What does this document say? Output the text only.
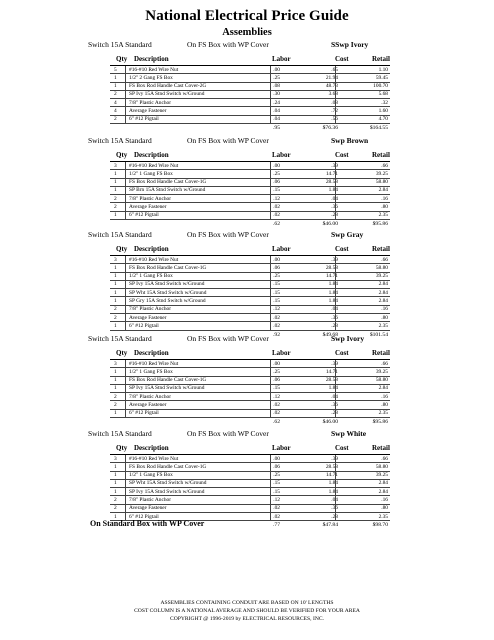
National Electrical Price Guide
Assemblies
Switch 15A Standard	On FS Box with WP Cover	SSwp Ivory
Qty Description	Labor	Cost	Retail
5 #16-#10 Red Wire Nut	.00	.65	1.10
1 1/2" 2 Gang FS Box	.25	21.94	59.45
1 FS Box Rod Handle Cast Cover-2G	.08	48.73	100.70
2 SP Ivy 15A Stnd Switch w/Ground	.30	3.68	5.68
4 7/8" Plastic Anchor	.24	.08	.32
4 Average Fastener	.04	.72	1.60
2 6" #12 Pigtail	.04	.56	4.70
.95	$76.36	$164.55
Switch 15A Standard	On FS Box with WP Cover	Swp Brown
Qty Description	Labor	Cost	Retail
3 #16-#10 Red Wire Nut	.00	.39	.66
1 1/2" 1 Gang FS Box	.25	14.71	39.25
1 FS Box Rod Handle Cast Cover-1G	.06	28.58	58.80
1 SP Brn 15A Stnd Switch w/Ground	.15	1.84	2.84
2 7/8" Plastic Anchor	.12	.04	.16
2 Average Fastener	.02	.36	.80
1 6" #12 Pigtail	.02	.28	2.35
.62	$46.00	$95.86
Switch 15A Standard	On FS Box with WP Cover	Swp Gray
Qty Description	Labor	Cost	Retail
3 #16-#10 Red Wire Nut	.00	.39	.66
1 FS Box Rod Handle Cast Cover-1G	.06	28.58	58.80
1 1/2" 1 Gang FS Box	.25	14.71	39.25
1 SP Ivy 15A Stnd Switch w/Ground	.15	1.84	2.84
1 SP Wht 15A Stnd Switch w/Ground	.15	1.84	2.84
1 SP Gry 15A Stnd Switch w/Ground	.15	1.84	2.84
2 7/8" Plastic Anchor	.12	.04	.16
2 Average Fastener	.02	.36	.80
1 6" #12 Pigtail	.02	.28	2.35
.92	$49.68	$101.54
Switch 15A Standard	On FS Box with WP Cover	Swp Ivory
Qty Description	Labor	Cost	Retail
3 #16-#10 Red Wire Nut	.00	.39	.66
1 1/2" 1 Gang FS Box	.25	14.71	39.25
1 FS Box Rod Handle Cast Cover-1G	.06	28.58	58.80
1 SP Ivy 15A Stnd Switch w/Ground	.15	1.84	2.84
2 7/8" Plastic Anchor	.12	.04	.16
2 Average Fastener	.02	.36	.80
1 6" #12 Pigtail	.02	.28	2.35
.62	$46.00	$95.86
Switch 15A Standard	On FS Box with WP Cover	Swp White
Qty Description	Labor	Cost	Retail
3 #16-#10 Red Wire Nut	.00	.39	.66
1 FS Box Rod Handle Cast Cover-1G	.06	28.58	58.80
1 1/2" 1 Gang FS Box	.25	14.71	39.25
1 SP Wht 15A Stnd Switch w/Ground	.15	1.84	2.84
1 SP Ivy 15A Stnd Switch w/Ground	.15	1.84	2.84
2 7/8" Plastic Anchor	.12	.04	.16
2 Average Fastener	.02	.36	.80
1 6" #12 Pigtail	.02	.28	2.35
.77	$47.84	$98.70
On Standard Box with WP Cover
ASSEMBLIES CONTAINING CONDUIT ARE BASED ON 10' LENGTHS
COST COLUMN IS A NATIONAL AVERAGE AND SHOULD BE VERIFIED FOR YOUR AREA
COPYRIGHT @ 1996-2019 by ELECTRICAL RESOURCES, INC.
